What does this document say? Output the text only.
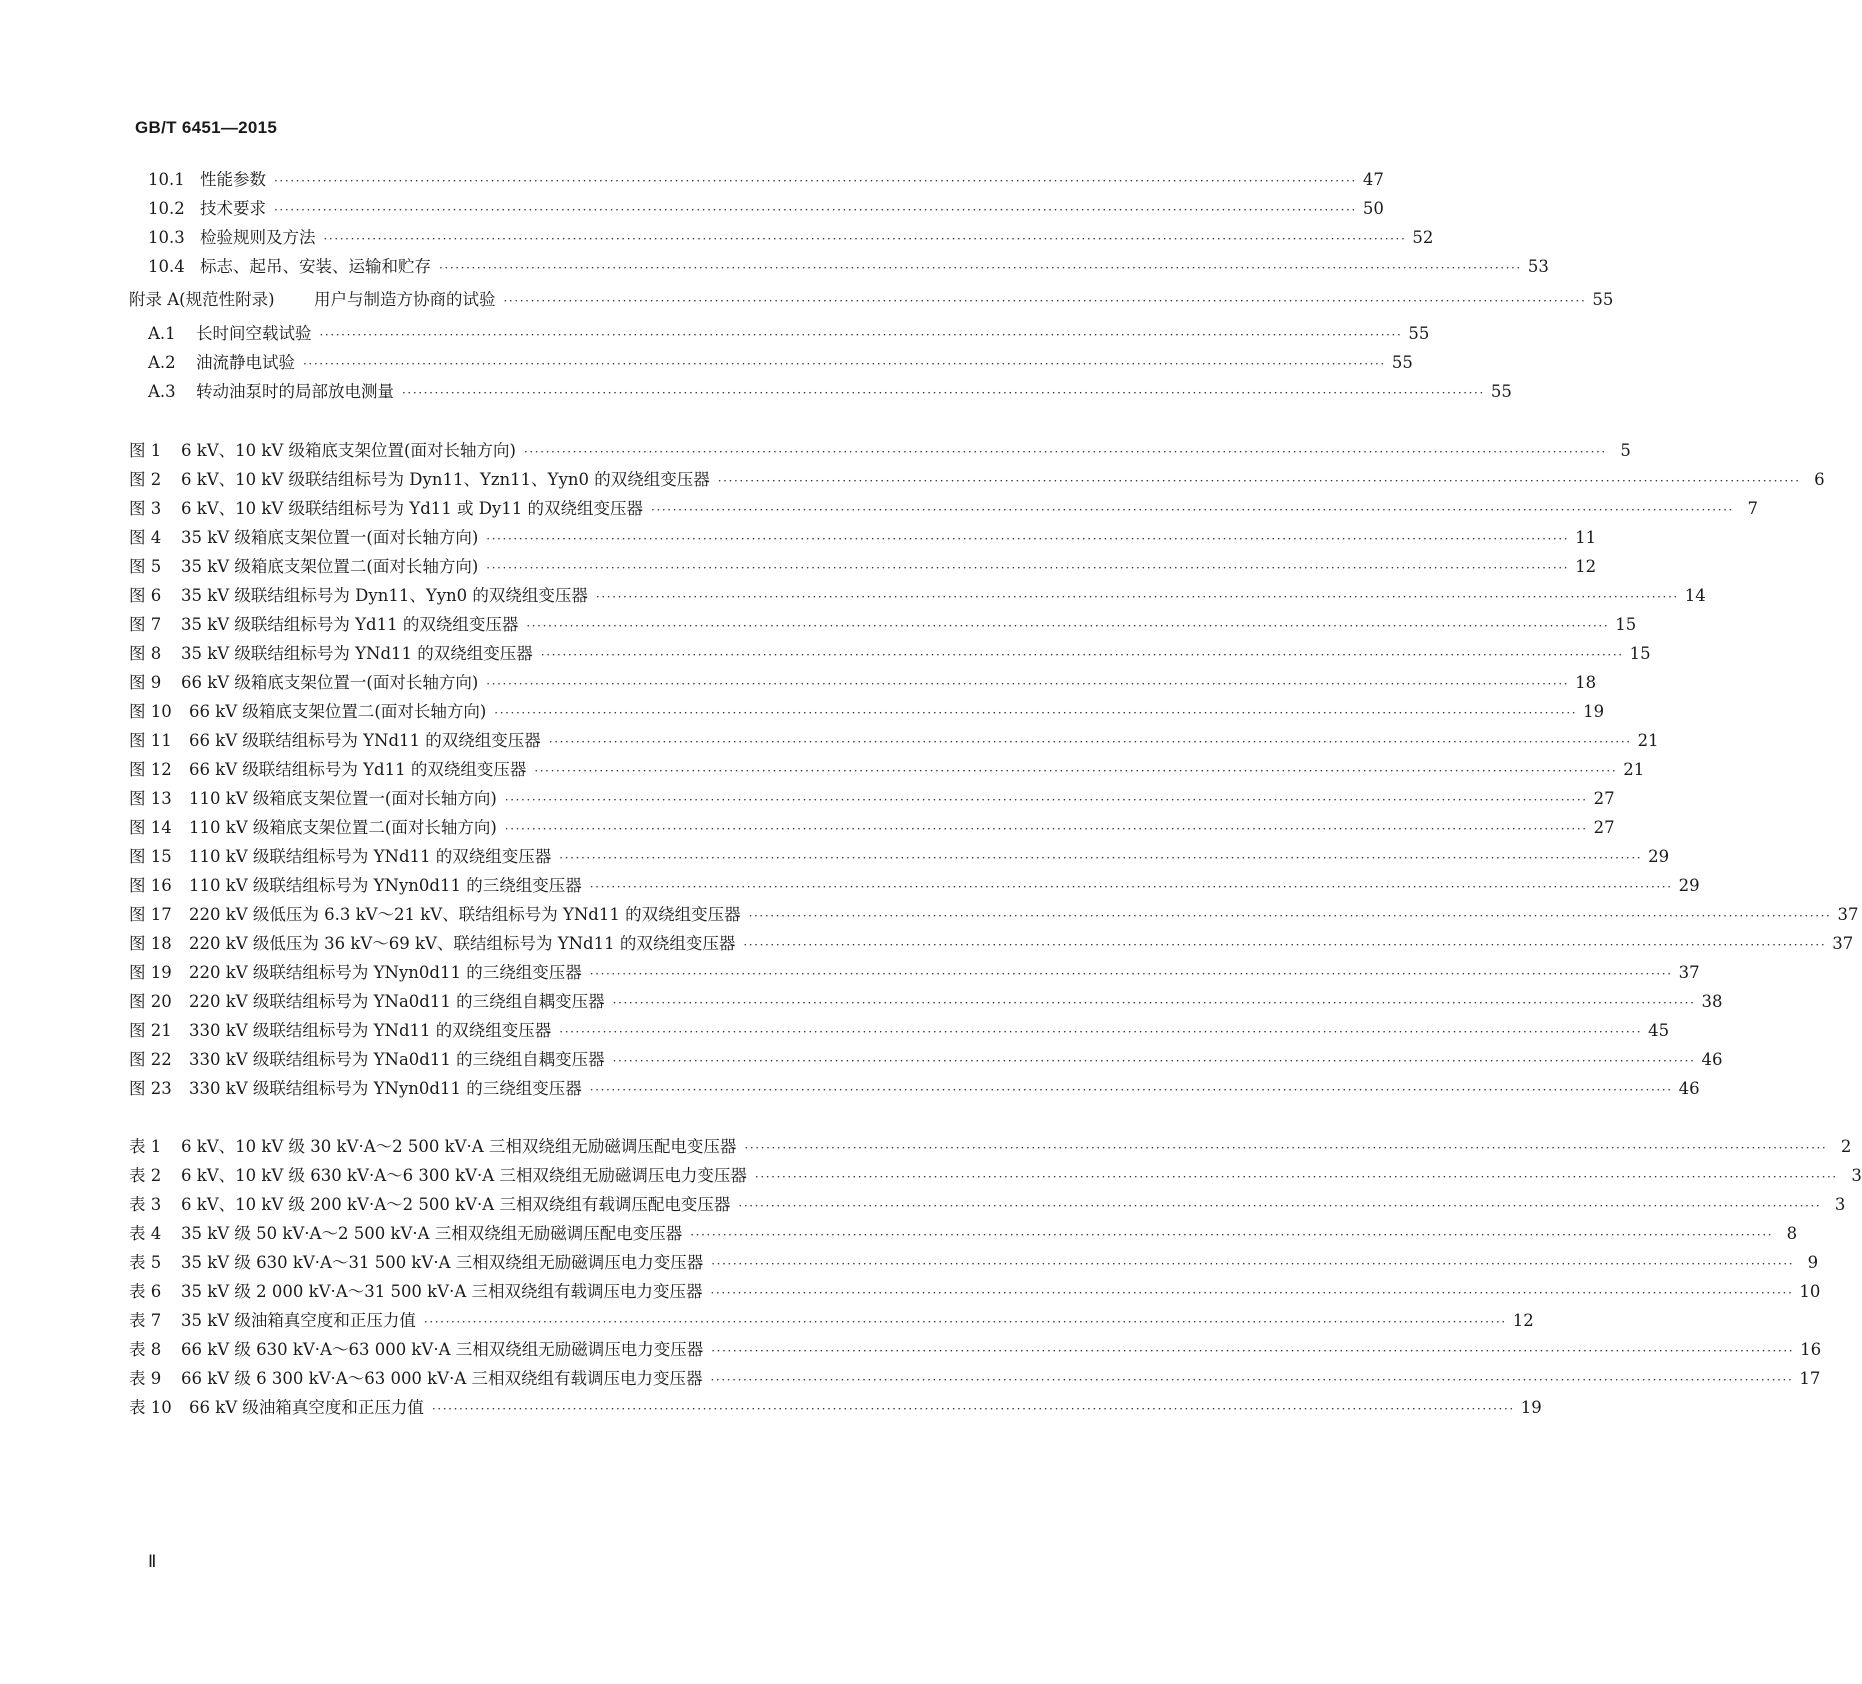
GB/T 6451—2015
10.1 性能参数 ········································································································································································································ 47
10.2 技术要求 ········································································································································································································ 50
10.3 检验规则及方法 ········································································································································································································ 52
10.4 标志、起吊、安装、运输和贮存 ········································································································································································································ 53
附录 A(规范性附录)	用户与制造方协商的试验 ········································································································································································································ 55
A.1	长时间空载试验 ········································································································································································································ 55
A.2	油流静电试验 ········································································································································································································ 55
A.3	转动油泵时的局部放电测量 ········································································································································································································ 55
图 1	6 kV、10 kV 级箱底支架位置(面对长轴方向) ········································································································································································································ 5
图 2	6 kV、10 kV 级联结组标号为 Dyn11、Yzn11、Yyn0 的双绕组变压器 ········································································································································································································ 6
图 3	6 kV、10 kV 级联结组标号为 Yd11 或 Dy11 的双绕组变压器 ········································································································································································································ 7
图 4	35 kV 级箱底支架位置一(面对长轴方向) ········································································································································································································ 11
图 5	35 kV 级箱底支架位置二(面对长轴方向) ········································································································································································································ 12
图 6	35 kV 级联结组标号为 Dyn11、Yyn0 的双绕组变压器 ········································································································································································································ 14
图 7	35 kV 级联结组标号为 Yd11 的双绕组变压器 ········································································································································································································ 15
图 8	35 kV 级联结组标号为 YNd11 的双绕组变压器 ········································································································································································································ 15
图 9	66 kV 级箱底支架位置一(面对长轴方向) ········································································································································································································ 18
图 10	66 kV 级箱底支架位置二(面对长轴方向) ········································································································································································································ 19
图 11	66 kV 级联结组标号为 YNd11 的双绕组变压器 ········································································································································································································ 21
图 12	66 kV 级联结组标号为 Yd11 的双绕组变压器 ········································································································································································································ 21
图 13	110 kV 级箱底支架位置一(面对长轴方向) ········································································································································································································ 27
图 14	110 kV 级箱底支架位置二(面对长轴方向) ········································································································································································································ 27
图 15	110 kV 级联结组标号为 YNd11 的双绕组变压器 ········································································································································································································ 29
图 16	110 kV 级联结组标号为 YNyn0d11 的三绕组变压器 ········································································································································································································ 29
图 17	220 kV 级低压为 6.3 kV～21 kV、联结组标号为 YNd11 的双绕组变压器 ········································································································································································································ 37
图 18	220 kV 级低压为 36 kV～69 kV、联结组标号为 YNd11 的双绕组变压器 ········································································································································································································ 37
图 19	220 kV 级联结组标号为 YNyn0d11 的三绕组变压器 ········································································································································································································ 37
图 20	220 kV 级联结组标号为 YNa0d11 的三绕组自耦变压器 ········································································································································································································ 38
图 21	330 kV 级联结组标号为 YNd11 的双绕组变压器 ········································································································································································································ 45
图 22	330 kV 级联结组标号为 YNa0d11 的三绕组自耦变压器 ········································································································································································································ 46
图 23	330 kV 级联结组标号为 YNyn0d11 的三绕组变压器 ········································································································································································································ 46
表 1	6 kV、10 kV 级 30 kV·A～2 500 kV·A 三相双绕组无励磁调压配电变压器 ········································································································································································································ 2
表 2	6 kV、10 kV 级 630 kV·A～6 300 kV·A 三相双绕组无励磁调压电力变压器 ········································································································································································································ 3
表 3	6 kV、10 kV 级 200 kV·A～2 500 kV·A 三相双绕组有载调压配电变压器 ········································································································································································································ 3
表 4	35 kV 级 50 kV·A～2 500 kV·A 三相双绕组无励磁调压配电变压器 ········································································································································································································ 8
表 5	35 kV 级 630 kV·A～31 500 kV·A 三相双绕组无励磁调压电力变压器 ········································································································································································································ 9
表 6	35 kV 级 2 000 kV·A～31 500 kV·A 三相双绕组有载调压电力变压器 ········································································································································································································ 10
表 7	35 kV 级油箱真空度和正压力值 ········································································································································································································ 12
表 8	66 kV 级 630 kV·A～63 000 kV·A 三相双绕组无励磁调压电力变压器 ········································································································································································································ 16
表 9	66 kV 级 6 300 kV·A～63 000 kV·A 三相双绕组有载调压电力变压器 ········································································································································································································ 17
表 10	66 kV 级油箱真空度和正压力值 ········································································································································································································ 19
Ⅱ
